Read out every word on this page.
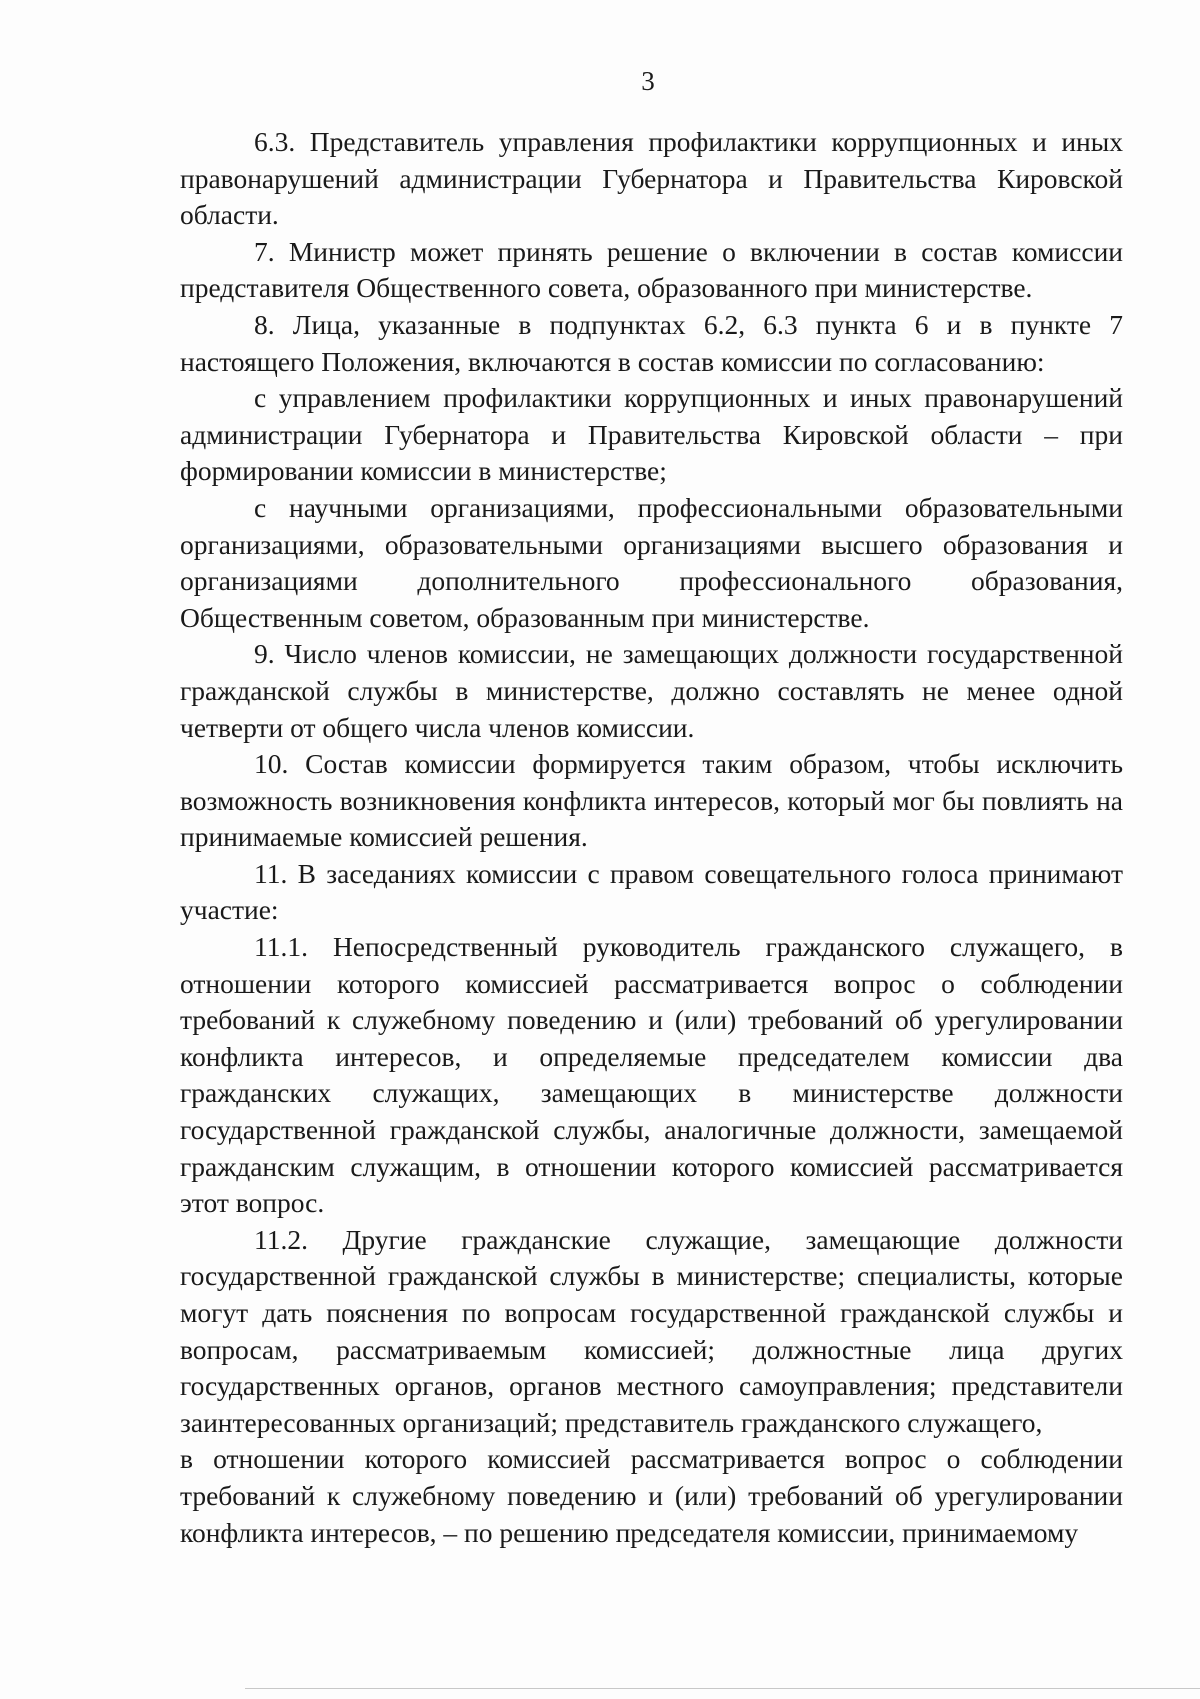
3

6.3. Представитель управления профилактики коррупционных и иных правонарушений администрации Губернатора и Правительства Кировской области.

7. Министр может принять решение о включении в состав комиссии представителя Общественного совета, образованного при министерстве.

8. Лица, указанные в подпунктах 6.2, 6.3 пункта 6 и в пункте 7 настоящего Положения, включаются в состав комиссии по согласованию:

с управлением профилактики коррупционных и иных правонарушений администрации Губернатора и Правительства Кировской области – при формировании комиссии в министерстве;

с научными организациями, профессиональными образовательными организациями, образовательными организациями высшего образования и организациями дополнительного профессионального образования, Общественным советом, образованным при министерстве.

9. Число членов комиссии, не замещающих должности государственной гражданской службы в министерстве, должно составлять не менее одной четверти от общего числа членов комиссии.

10. Состав комиссии формируется таким образом, чтобы исключить возможность возникновения конфликта интересов, который мог бы повлиять на принимаемые комиссией решения.

11. В заседаниях комиссии с правом совещательного голоса принимают участие:

11.1. Непосредственный руководитель гражданского служащего, в отношении которого комиссией рассматривается вопрос о соблюдении требований к служебному поведению и (или) требований об урегулировании конфликта интересов, и определяемые председателем комиссии два гражданских служащих, замещающих в министерстве должности государственной гражданской службы, аналогичные должности, замещаемой гражданским служащим, в отношении которого комиссией рассматривается этот вопрос.

11.2. Другие гражданские служащие, замещающие должности государственной гражданской службы в министерстве; специалисты, которые могут дать пояснения по вопросам государственной гражданской службы и вопросам, рассматриваемым комиссией; должностные лица других государственных органов, органов местного самоуправления; представители заинтересованных организаций; представитель гражданского служащего,

в отношении которого комиссией рассматривается вопрос о соблюдении требований к служебному поведению и (или) требований об урегулировании конфликта интересов, – по решению председателя комиссии, принимаемому
